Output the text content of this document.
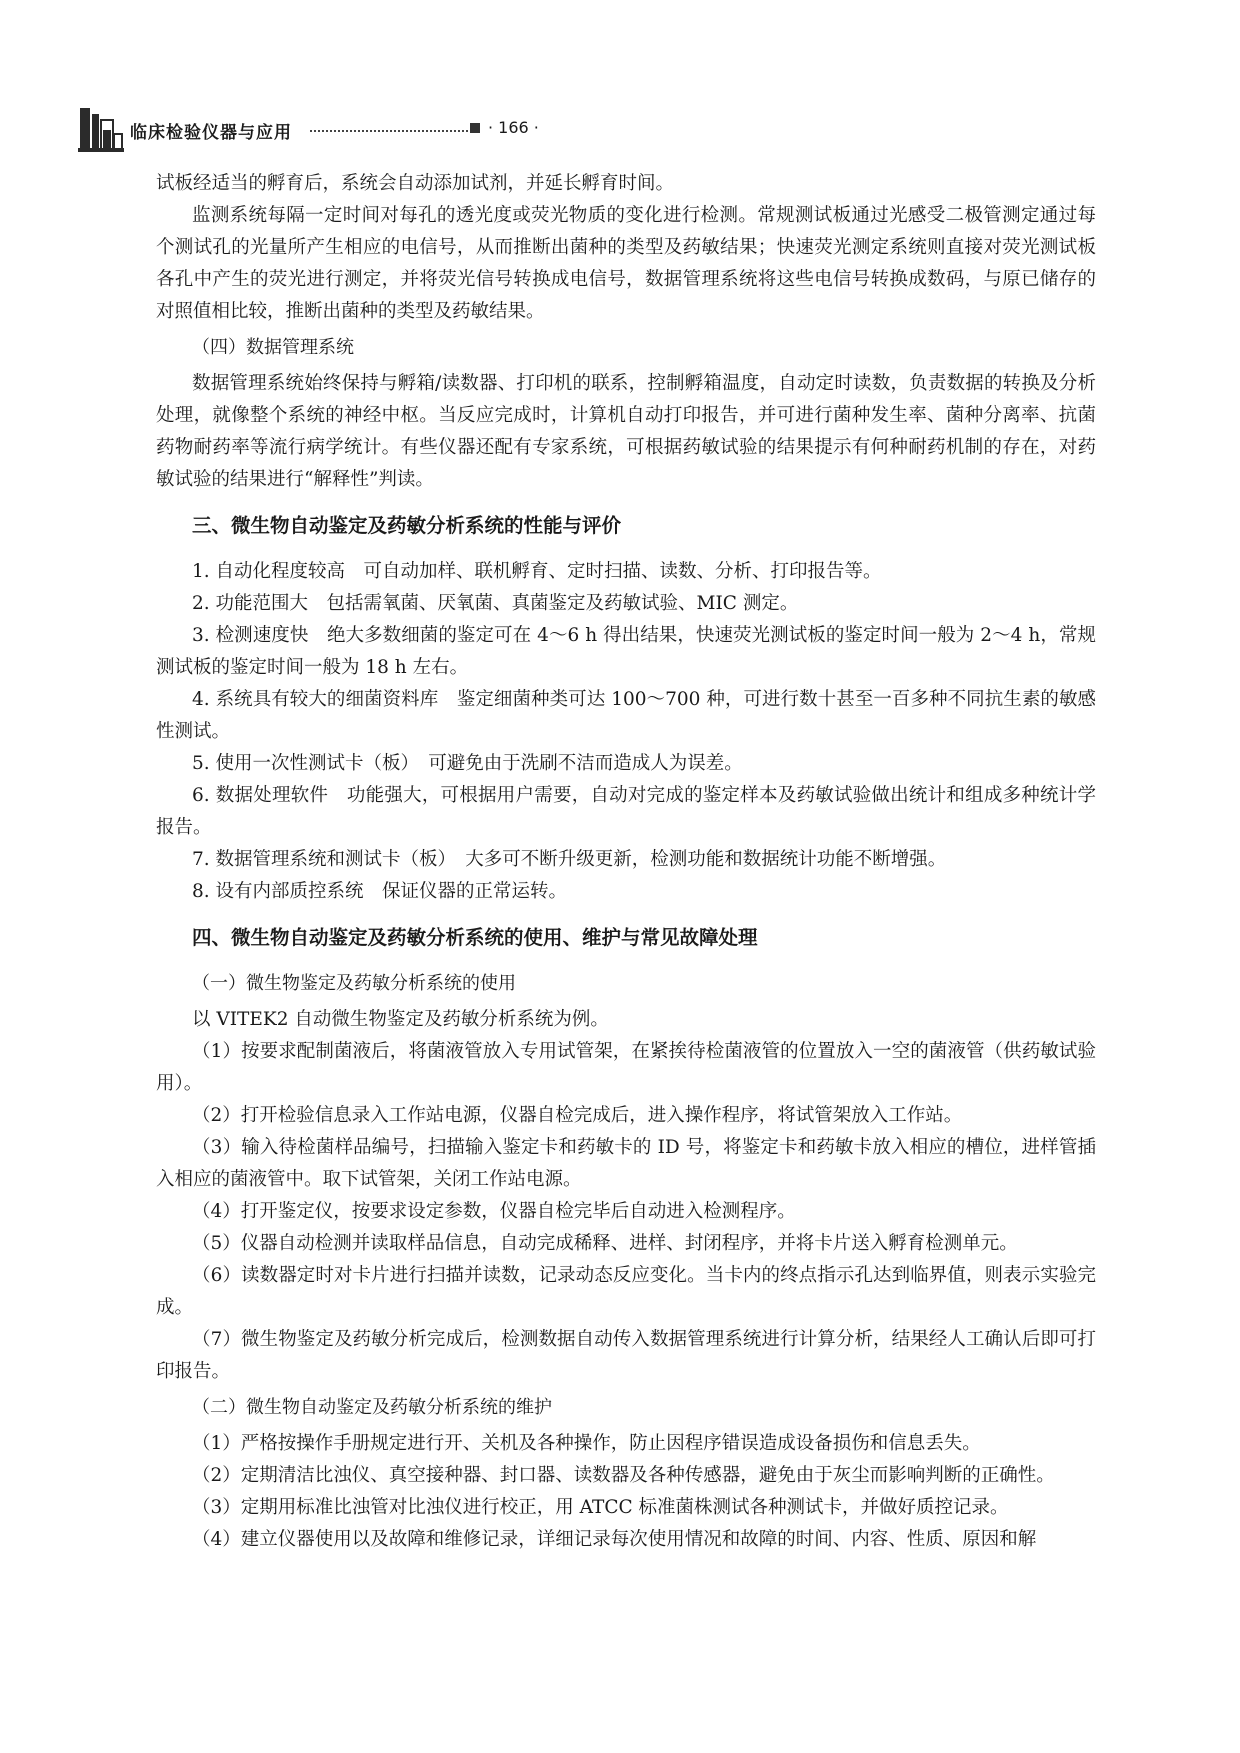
临床检验仪器与应用	· 166 ·

试板经适当的孵育后，系统会自动添加试剂，并延长孵育时间。

监测系统每隔一定时间对每孔的透光度或荧光物质的变化进行检测。常规测试板通过光感受二极管测定通过每个测试孔的光量所产生相应的电信号，从而推断出菌种的类型及药敏结果；快速荧光测定系统则直接对荧光测试板各孔中产生的荧光进行测定，并将荧光信号转换成电信号，数据管理系统将这些电信号转换成数码，与原已储存的对照值相比较，推断出菌种的类型及药敏结果。

（四）数据管理系统

数据管理系统始终保持与孵箱/读数器、打印机的联系，控制孵箱温度，自动定时读数，负责数据的转换及分析处理，就像整个系统的神经中枢。当反应完成时，计算机自动打印报告，并可进行菌种发生率、菌种分离率、抗菌药物耐药率等流行病学统计。有些仪器还配有专家系统，可根据药敏试验的结果提示有何种耐药机制的存在，对药敏试验的结果进行“解释性”判读。

三、微生物自动鉴定及药敏分析系统的性能与评价

1. 自动化程度较高　可自动加样、联机孵育、定时扫描、读数、分析、打印报告等。

2. 功能范围大　包括需氧菌、厌氧菌、真菌鉴定及药敏试验、MIC 测定。

3. 检测速度快　绝大多数细菌的鉴定可在 4～6 h 得出结果，快速荧光测试板的鉴定时间一般为 2～4 h，常规测试板的鉴定时间一般为 18 h 左右。

4. 系统具有较大的细菌资料库　鉴定细菌种类可达 100～700 种，可进行数十甚至一百多种不同抗生素的敏感性测试。

5. 使用一次性测试卡（板）　可避免由于洗刷不洁而造成人为误差。

6. 数据处理软件　功能强大，可根据用户需要，自动对完成的鉴定样本及药敏试验做出统计和组成多种统计学报告。

7. 数据管理系统和测试卡（板）　大多可不断升级更新，检测功能和数据统计功能不断增强。

8. 设有内部质控系统　保证仪器的正常运转。

四、微生物自动鉴定及药敏分析系统的使用、维护与常见故障处理

（一）微生物鉴定及药敏分析系统的使用

以 VITEK2 自动微生物鉴定及药敏分析系统为例。

（1）按要求配制菌液后，将菌液管放入专用试管架，在紧挨待检菌液管的位置放入一空的菌液管（供药敏试验用）。

（2）打开检验信息录入工作站电源，仪器自检完成后，进入操作程序，将试管架放入工作站。

（3）输入待检菌样品编号，扫描输入鉴定卡和药敏卡的 ID 号，将鉴定卡和药敏卡放入相应的槽位，进样管插入相应的菌液管中。取下试管架，关闭工作站电源。

（4）打开鉴定仪，按要求设定参数，仪器自检完毕后自动进入检测程序。

（5）仪器自动检测并读取样品信息，自动完成稀释、进样、封闭程序，并将卡片送入孵育检测单元。

（6）读数器定时对卡片进行扫描并读数，记录动态反应变化。当卡内的终点指示孔达到临界值，则表示实验完成。

（7）微生物鉴定及药敏分析完成后，检测数据自动传入数据管理系统进行计算分析，结果经人工确认后即可打印报告。

（二）微生物自动鉴定及药敏分析系统的维护

（1）严格按操作手册规定进行开、关机及各种操作，防止因程序错误造成设备损伤和信息丢失。

（2）定期清洁比浊仪、真空接种器、封口器、读数器及各种传感器，避免由于灰尘而影响判断的正确性。

（3）定期用标准比浊管对比浊仪进行校正，用 ATCC 标准菌株测试各种测试卡，并做好质控记录。

（4）建立仪器使用以及故障和维修记录，详细记录每次使用情况和故障的时间、内容、性质、原因和解
